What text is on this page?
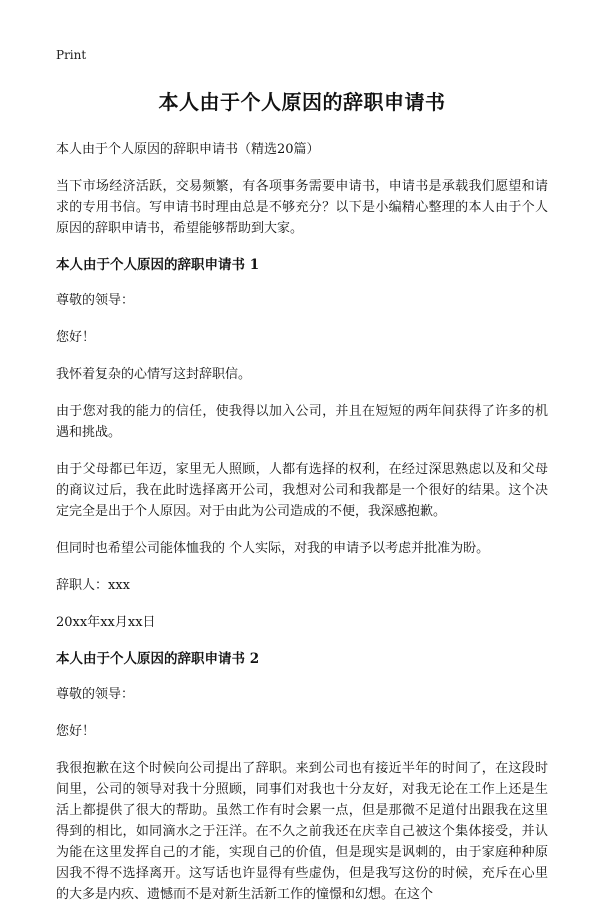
Print
本人由于个人原因的辞职申请书

本人由于个人原因的辞职申请书（精选20篇）

当下市场经济活跃，交易频繁，有各项事务需要申请书，申请书是承载我们愿望和请求的专用书信。写申请书时理由总是不够充分？以下是小编精心整理的本人由于个人原因的辞职申请书，希望能够帮助到大家。

本人由于个人原因的辞职申请书 1

尊敬的领导：

您好！

我怀着复杂的心情写这封辞职信。

由于您对我的能力的信任，使我得以加入公司，并且在短短的两年间获得了许多的机遇和挑战。

由于父母都已年迈，家里无人照顾，人都有选择的权利，在经过深思熟虑以及和父母的商议过后，我在此时选择离开公司，我想对公司和我都是一个很好的结果。这个决定完全是出于个人原因。对于由此为公司造成的不便，我深感抱歉。

但同时也希望公司能体恤我的 个人实际，对我的申请予以考虑并批准为盼。

辞职人：xxx

20xx年xx月xx日

本人由于个人原因的辞职申请书 2

尊敬的领导：

您好！

我很抱歉在这个时候向公司提出了辞职。来到公司也有接近半年的时间了，在这段时间里，公司的领导对我十分照顾，同事们对我也十分友好，对我无论在工作上还是生活上都提供了很大的帮助。虽然工作有时会累一点，但是那微不足道付出跟我在这里得到的相比，如同滴水之于汪洋。在不久之前我还在庆幸自己被这个集体接受，并认为能在这里发挥自己的才能，实现自己的价值，但是现实是讽刺的，由于家庭种种原因我不得不选择离开。这写话也许显得有些虚伪，但是我写这份的时候，充斥在心里的大多是内疚、遗憾而不是对新生活新工作的憧憬和幻想。在这个
